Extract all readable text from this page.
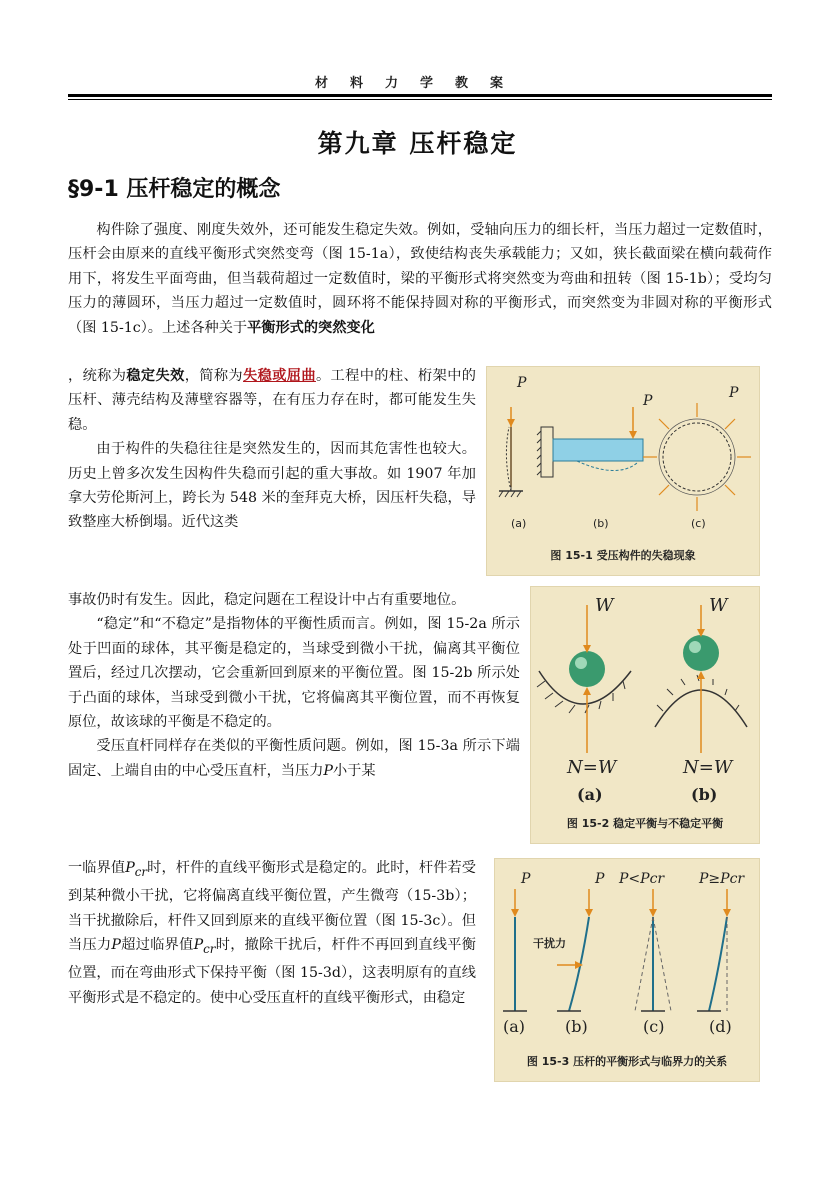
材料力学教案
第九章 压杆稳定
§9-1 压杆稳定的概念
构件除了强度、刚度失效外，还可能发生稳定失效。例如，受轴向压力的细长杆，当压力超过一定数值时，压杆会由原来的直线平衡形式突然变弯（图 15-1a），致使结构丧失承载能力；又如，狭长截面梁在横向载荷作用下，将发生平面弯曲，但当载荷超过一定数值时，梁的平衡形式将突然变为弯曲和扭转（图 15-1b）；受均匀压力的薄圆环，当压力超过一定数值时，圆环将不能保持圆对称的平衡形式，而突然变为非圆对称的平衡形式（图 15-1c）。上述各种关于平衡形式的突然变化
，统称为稳定失效，简称为失稳或屈曲。工程中的柱、桁架中的压杆、薄壳结构及薄壁容器等，在有压力存在时，都可能发生失稳。
由于构件的失稳往往是突然发生的，因而其危害性也较大。历史上曾多次发生因构件失稳而引起的重大事故。如 1907 年加拿大劳伦斯河上，跨长为 548 米的奎拜克大桥，因压杆失稳，导致整座大桥倒塌。近代这类
事故仍时有发生。因此，稳定问题在工程设计中占有重要地位。
“稳定”和“不稳定”是指物体的平衡性质而言。例如，图 15-2a 所示处于凹面的球体，其平衡是稳定的，当球受到微小干扰，偏离其平衡位置后，经过几次摆动，它会重新回到原来的平衡位置。图 15-2b 所示处于凸面的球体，当球受到微小干扰，它将偏离其平衡位置，而不再恢复原位，故该球的平衡是不稳定的。
受压直杆同样存在类似的平衡性质问题。例如，图 15-3a 所示下端固定、上端自由的中心受压直杆，当压力P小于某
一临界值$P_{cr}$时，杆件的直线平衡形式是稳定的。此时，杆件若受到某种微小干扰，它将偏离直线平衡位置，产生微弯（15-3b）；当干扰撤除后，杆件又回到原来的直线平衡位置（图 15-3c）。但当压力P超过临界值$P_{cr}$时，撤除干扰后，杆件不再回到直线平衡位置，而在弯曲形式下保持平衡（图 15-3d），这表明原有的直线平衡形式是不稳定的。使中心受压直杆的直线平衡形式，由稳定
P
P	P
(a)	(b)	(c)
图 15-1 受压构件的失稳现象
W	W
N=W	N=W
(a)	(b)
图 15-2 稳定平衡与不稳定平衡
P	P P<Pcr P≥Pcr
干扰力
(a) (b)	(c)	(d)
图 15-3 压杆的平衡形式与临界力的关系
